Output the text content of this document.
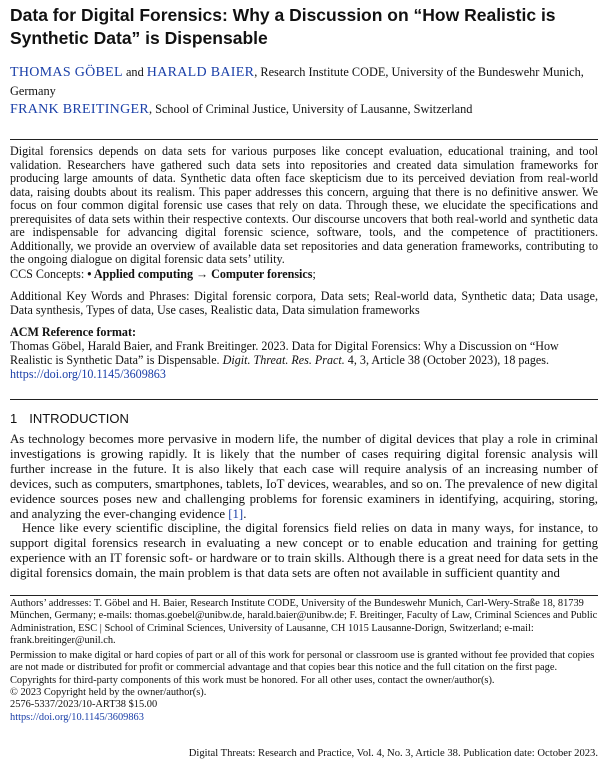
Data for Digital Forensics: Why a Discussion on “How Realistic is Synthetic Data” is Dispensable
THOMAS GÖBEL and HARALD BAIER, Research Institute CODE, University of the Bundeswehr Munich, Germany
FRANK BREITINGER, School of Criminal Justice, University of Lausanne, Switzerland
Digital forensics depends on data sets for various purposes like concept evaluation, educational training, and tool validation. Researchers have gathered such data sets into repositories and created data simulation frameworks for producing large amounts of data. Synthetic data often face skepticism due to its perceived deviation from real-world data, raising doubts about its realism. This paper addresses this concern, arguing that there is no definitive answer. We focus on four common digital forensic use cases that rely on data. Through these, we elucidate the specifications and prerequisites of data sets within their respective contexts. Our discourse uncovers that both real-world and synthetic data are indispensable for advancing digital forensic science, software, tools, and the competence of practitioners. Additionally, we provide an overview of available data set repositories and data generation frameworks, contributing to the ongoing dialogue on digital forensic data sets’ utility.
CCS Concepts: • Applied computing → Computer forensics;
Additional Key Words and Phrases: Digital forensic corpora, Data sets; Real-world data, Synthetic data; Data usage, Data synthesis, Types of data, Use cases, Realistic data, Data simulation frameworks
ACM Reference format:
Thomas Göbel, Harald Baier, and Frank Breitinger. 2023. Data for Digital Forensics: Why a Discussion on “How Realistic is Synthetic Data” is Dispensable. Digit. Threat. Res. Pract. 4, 3, Article 38 (October 2023), 18 pages.
https://doi.org/10.1145/3609863
1 INTRODUCTION

As technology becomes more pervasive in modern life, the number of digital devices that play a role in criminal investigations is growing rapidly. It is likely that the number of cases requiring digital forensic analysis will further increase in the future. It is also likely that each case will require analysis of an increasing number of devices, such as computers, smartphones, tablets, IoT devices, wearables, and so on. The prevalence of new digital evidence sources poses new and challenging problems for forensic examiners in identifying, acquiring, storing, and analyzing the ever-changing evidence [1].

Hence like every scientific discipline, the digital forensics field relies on data in many ways, for instance, to support digital forensics research in evaluating a new concept or to enable education and training for getting experience with an IT forensic soft- or hardware or to train skills. Although there is a great need for data sets in the digital forensics domain, the main problem is that data sets are often not available in sufficient quantity and

Authors’ addresses: T. Göbel and H. Baier, Research Institute CODE, University of the Bundeswehr Munich, Carl-Wery-Straße 18, 81739 München, Germany; e-mails: thomas.goebel@unibw.de, harald.baier@unibw.de; F. Breitinger, Faculty of Law, Criminal Sciences and Public Administration, ESC | School of Criminal Sciences, University of Lausanne, CH 1015 Lausanne-Dorign, Switzerland; e-mail: frank.breitinger@unil.ch.

Permission to make digital or hard copies of part or all of this work for personal or classroom use is granted without fee provided that copies are not made or distributed for profit or commercial advantage and that copies bear this notice and the full citation on the first page. Copyrights for third-party components of this work must be honored. For all other uses, contact the owner/author(s).

© 2023 Copyright held by the owner/author(s).

2576-5337/2023/10-ART38 $15.00

https://doi.org/10.1145/3609863

Digital Threats: Research and Practice, Vol. 4, No. 3, Article 38. Publication date: October 2023.
